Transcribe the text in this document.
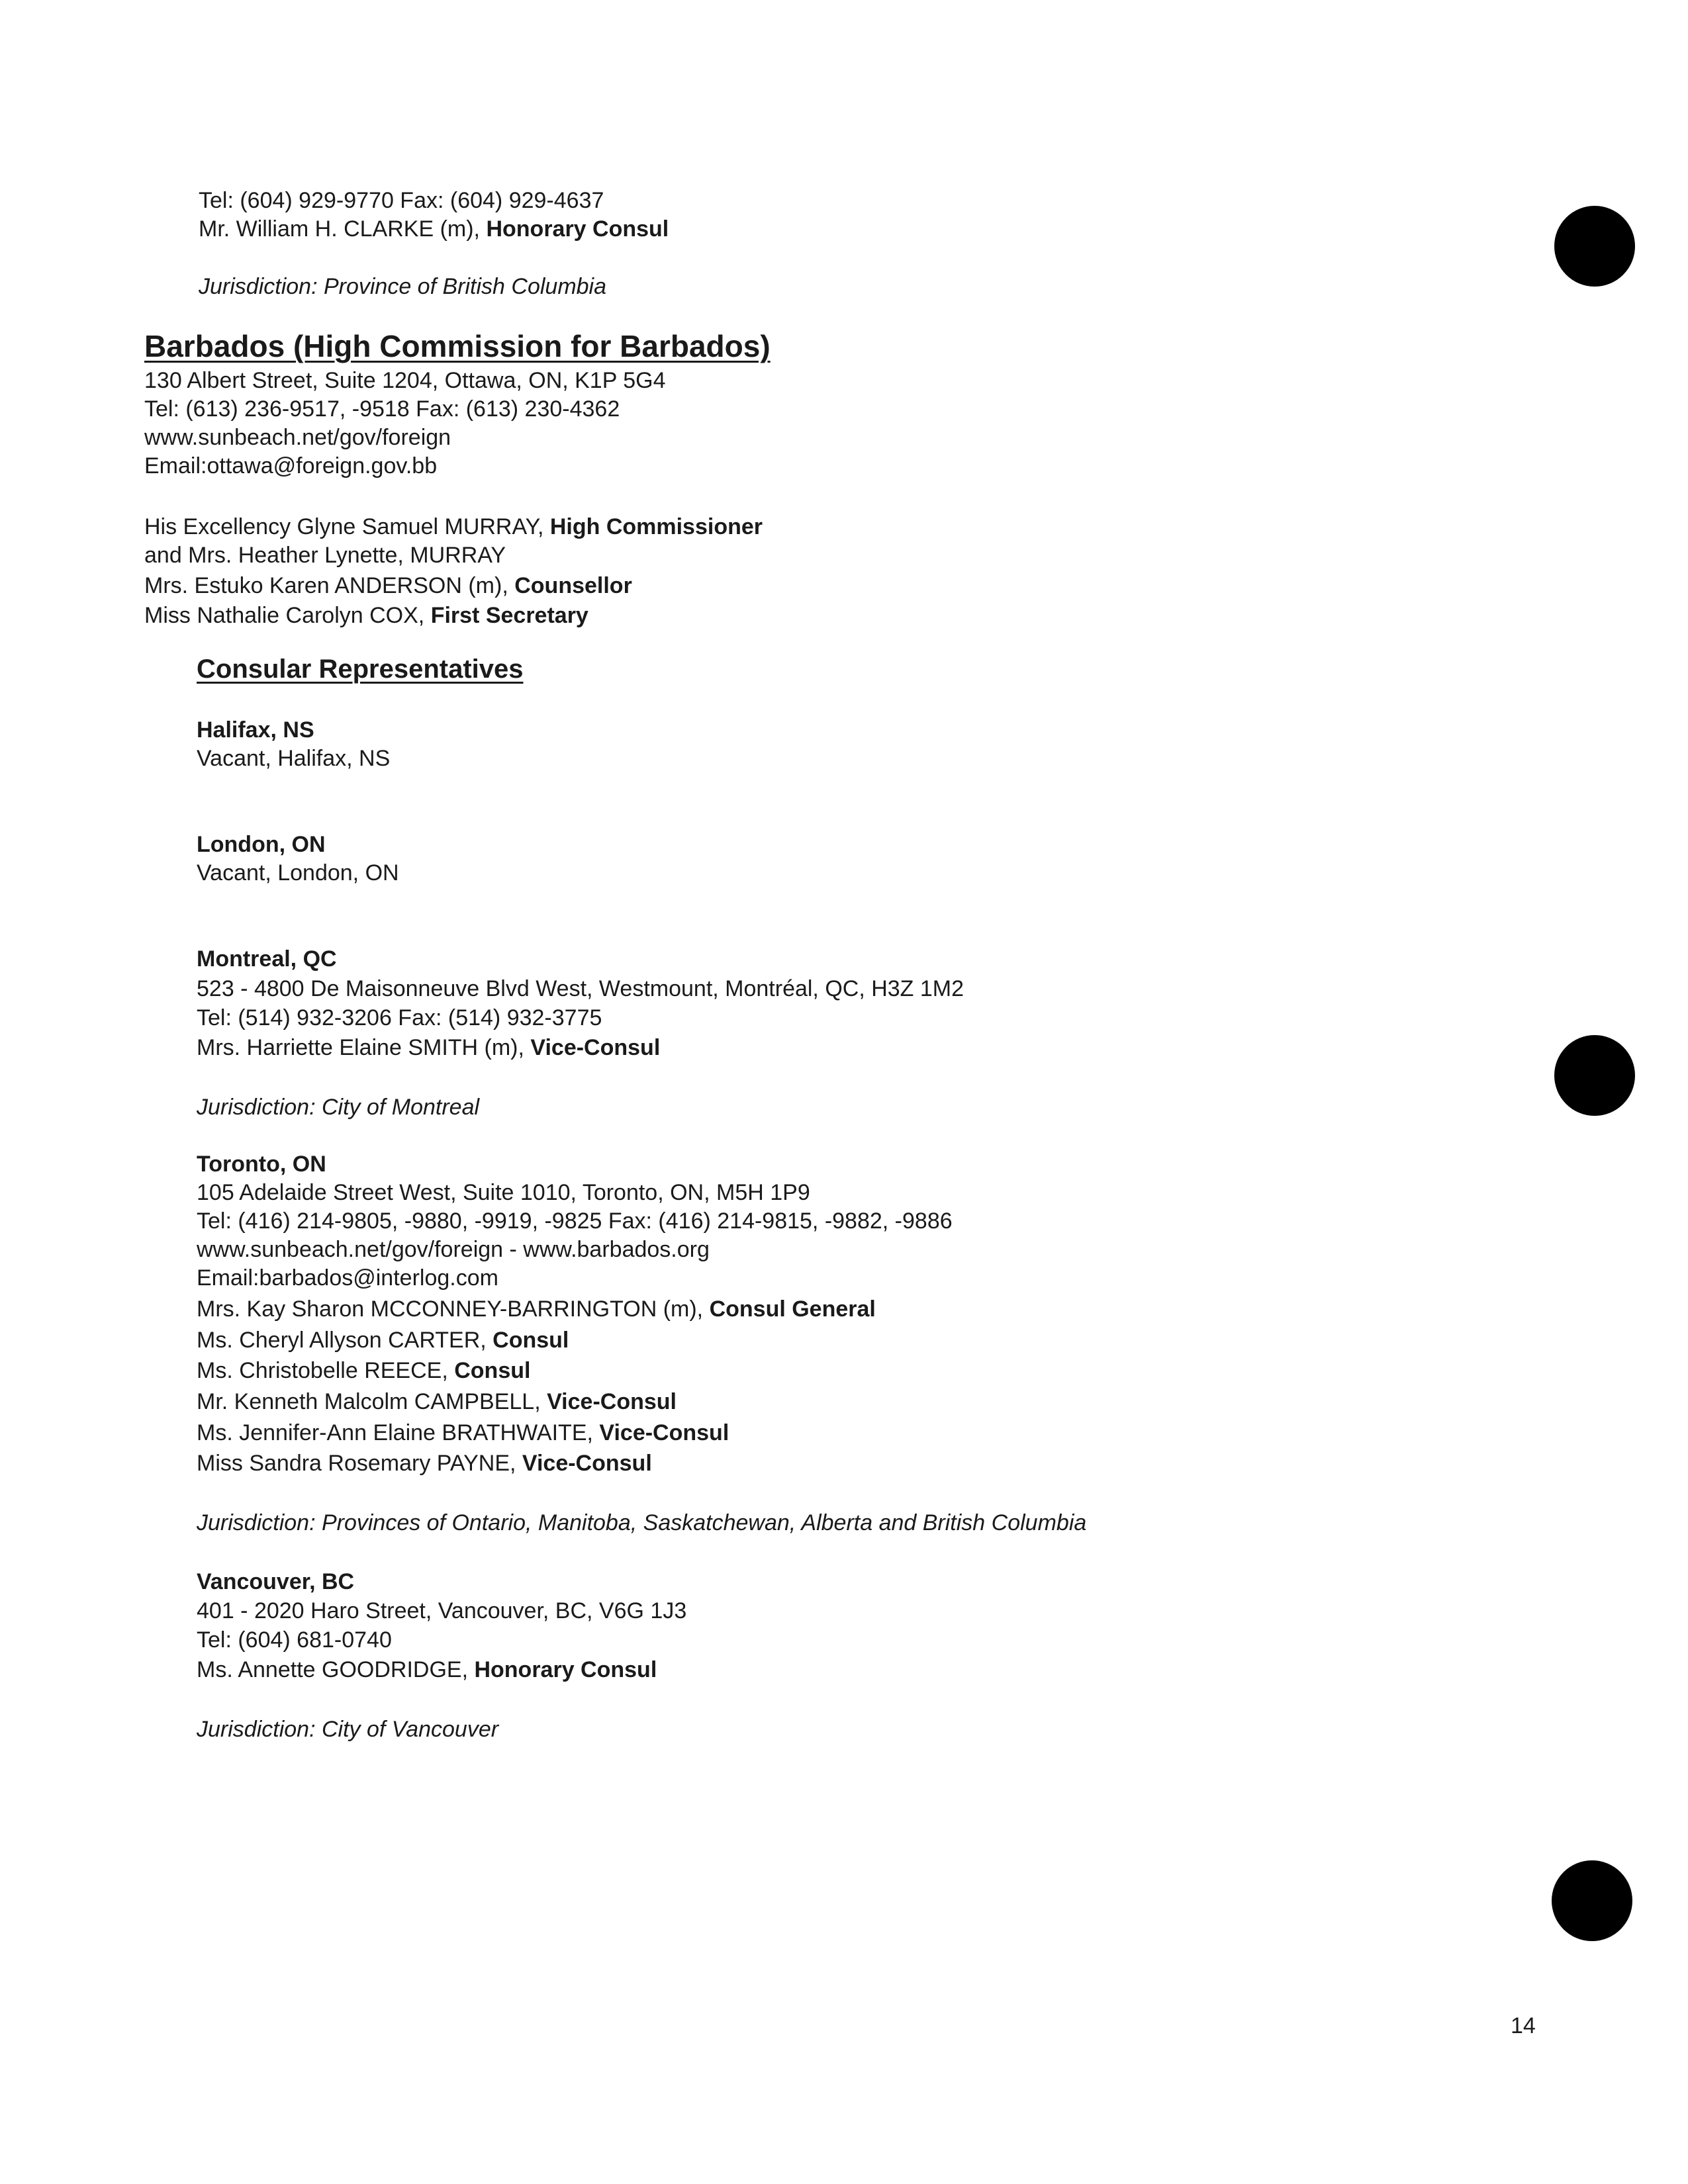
Tel: (604) 929-9770 Fax: (604) 929-4637
Mr. William H. CLARKE (m), Honorary Consul
Jurisdiction: Province of British Columbia
Barbados (High Commission for Barbados)
130 Albert Street, Suite 1204, Ottawa, ON, K1P 5G4
Tel: (613) 236-9517, -9518 Fax: (613) 230-4362
www.sunbeach.net/gov/foreign
Email:ottawa@foreign.gov.bb
His Excellency Glyne Samuel MURRAY, High Commissioner
and Mrs. Heather Lynette, MURRAY
Mrs. Estuko Karen ANDERSON (m), Counsellor
Miss Nathalie Carolyn COX, First Secretary
Consular Representatives
Halifax, NS
Vacant, Halifax, NS
London, ON
Vacant, London, ON
Montreal, QC
523 - 4800 De Maisonneuve Blvd West, Westmount, Montréal, QC, H3Z 1M2
Tel: (514) 932-3206 Fax: (514) 932-3775
Mrs. Harriette Elaine SMITH (m), Vice-Consul
Jurisdiction: City of Montreal
Toronto, ON
105 Adelaide Street West, Suite 1010, Toronto, ON, M5H 1P9
Tel: (416) 214-9805, -9880, -9919, -9825 Fax: (416) 214-9815, -9882, -9886
www.sunbeach.net/gov/foreign - www.barbados.org
Email:barbados@interlog.com
Mrs. Kay Sharon MCCONNEY-BARRINGTON (m), Consul General
Ms. Cheryl Allyson CARTER, Consul
Ms. Christobelle REECE, Consul
Mr. Kenneth Malcolm CAMPBELL, Vice-Consul
Ms. Jennifer-Ann Elaine BRATHWAITE, Vice-Consul
Miss Sandra Rosemary PAYNE, Vice-Consul
Jurisdiction: Provinces of Ontario, Manitoba, Saskatchewan, Alberta and British Columbia
Vancouver, BC
401 - 2020 Haro Street, Vancouver, BC, V6G 1J3
Tel: (604) 681-0740
Ms. Annette GOODRIDGE, Honorary Consul
Jurisdiction: City of Vancouver
14
